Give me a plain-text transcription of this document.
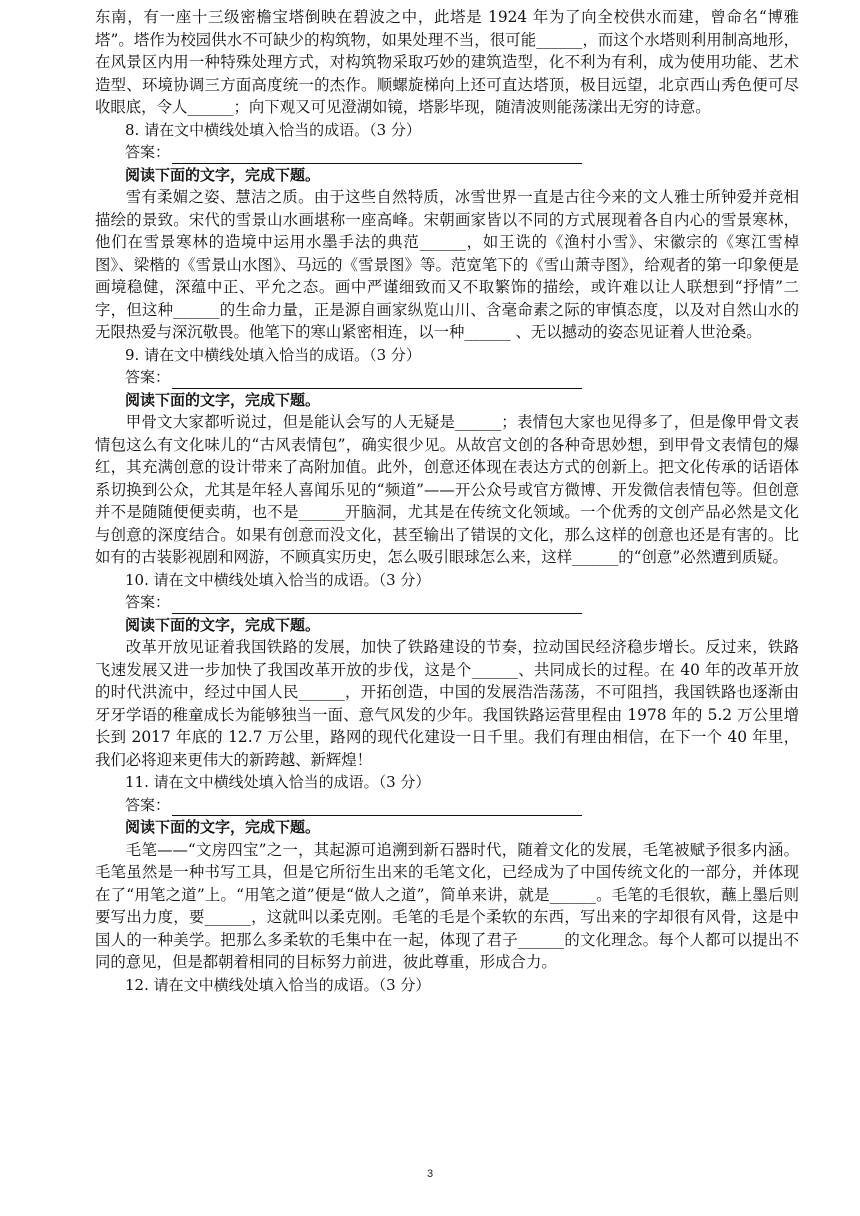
东南，有一座十三级密檐宝塔倒映在碧波之中，此塔是 1924 年为了向全校供水而建，曾命名“博雅塔”。塔作为校园供水不可缺少的构筑物，如果处理不当，很可能______，而这个水塔则利用制高地形，在风景区内用一种特殊处理方式，对构筑物采取巧妙的建筑造型，化不利为有利，成为使用功能、艺术造型、环境协调三方面高度统一的杰作。顺螺旋梯向上还可直达塔顶，极目远望，北京西山秀色便可尽收眼底，令人______；向下观又可见澄湖如镜，塔影毕现，随清波则能荡漾出无穷的诗意。

8. 请在文中横线处填入恰当的成语。（3 分）

答案：

阅读下面的文字，完成下题。

雪有柔媚之姿、慧洁之质。由于这些自然特质，冰雪世界一直是古往今来的文人雅士所钟爱并竞相描绘的景致。宋代的雪景山水画堪称一座高峰。宋朝画家皆以不同的方式展现着各自内心的雪景寒林，他们在雪景寒林的造境中运用水墨手法的典范______，如王诜的《渔村小雪》、宋徽宗的《寒江雪棹图》、梁楷的《雪景山水图》、马远的《雪景图》等。范宽笔下的《雪山萧寺图》，给观者的第一印象便是画境稳健，深蕴中正、平允之态。画中严谨细致而又不取繁饰的描绘，或许难以让人联想到“抒情”二字，但这种______的生命力量，正是源自画家纵览山川、含毫命素之际的审慎态度，以及对自然山水的无限热爱与深沉敬畏。他笔下的寒山紧密相连，以一种______ 、无以撼动的姿态见证着人世沧桑。

9. 请在文中横线处填入恰当的成语。（3 分）

答案：

阅读下面的文字，完成下题。

甲骨文大家都听说过，但是能认会写的人无疑是______；表情包大家也见得多了，但是像甲骨文表情包这么有文化味儿的“古风表情包”，确实很少见。从故宫文创的各种奇思妙想，到甲骨文表情包的爆红，其充满创意的设计带来了高附加值。此外，创意还体现在表达方式的创新上。把文化传承的话语体系切换到公众，尤其是年轻人喜闻乐见的“频道”——开公众号或官方微博、开发微信表情包等。但创意并不是随随便便卖萌，也不是______开脑洞，尤其是在传统文化领域。一个优秀的文创产品必然是文化与创意的深度结合。如果有创意而没文化，甚至输出了错误的文化，那么这样的创意也还是有害的。比如有的古装影视剧和网游，不顾真实历史，怎么吸引眼球怎么来，这样______的“创意”必然遭到质疑。

10. 请在文中横线处填入恰当的成语。（3 分）

答案：

阅读下面的文字，完成下题。

改革开放见证着我国铁路的发展，加快了铁路建设的节奏，拉动国民经济稳步增长。反过来，铁路飞速发展又进一步加快了我国改革开放的步伐，这是个______、共同成长的过程。在 40 年的改革开放的时代洪流中，经过中国人民______，开拓创造，中国的发展浩浩荡荡，不可阻挡，我国铁路也逐渐由牙牙学语的稚童成长为能够独当一面、意气风发的少年。我国铁路运营里程由 1978 年的 5.2 万公里增长到 2017 年底的 12.7 万公里，路网的现代化建设一日千里。我们有理由相信，在下一个 40 年里，我们必将迎来更伟大的新跨越、新辉煌！

11. 请在文中横线处填入恰当的成语。（3 分）

答案：

阅读下面的文字，完成下题。

毛笔——“文房四宝”之一，其起源可追溯到新石器时代，随着文化的发展，毛笔被赋予很多内涵。毛笔虽然是一种书写工具，但是它所衍生出来的毛笔文化，已经成为了中国传统文化的一部分，并体现在了“用笔之道”上。“用笔之道”便是“做人之道”，简单来讲，就是______。毛笔的毛很软，蘸上墨后则要写出力度，要______，这就叫以柔克刚。毛笔的毛是个柔软的东西，写出来的字却很有风骨，这是中国人的一种美学。把那么多柔软的毛集中在一起，体现了君子______的文化理念。每个人都可以提出不同的意见，但是都朝着相同的目标努力前进，彼此尊重，形成合力。

12. 请在文中横线处填入恰当的成语。（3 分）

3
